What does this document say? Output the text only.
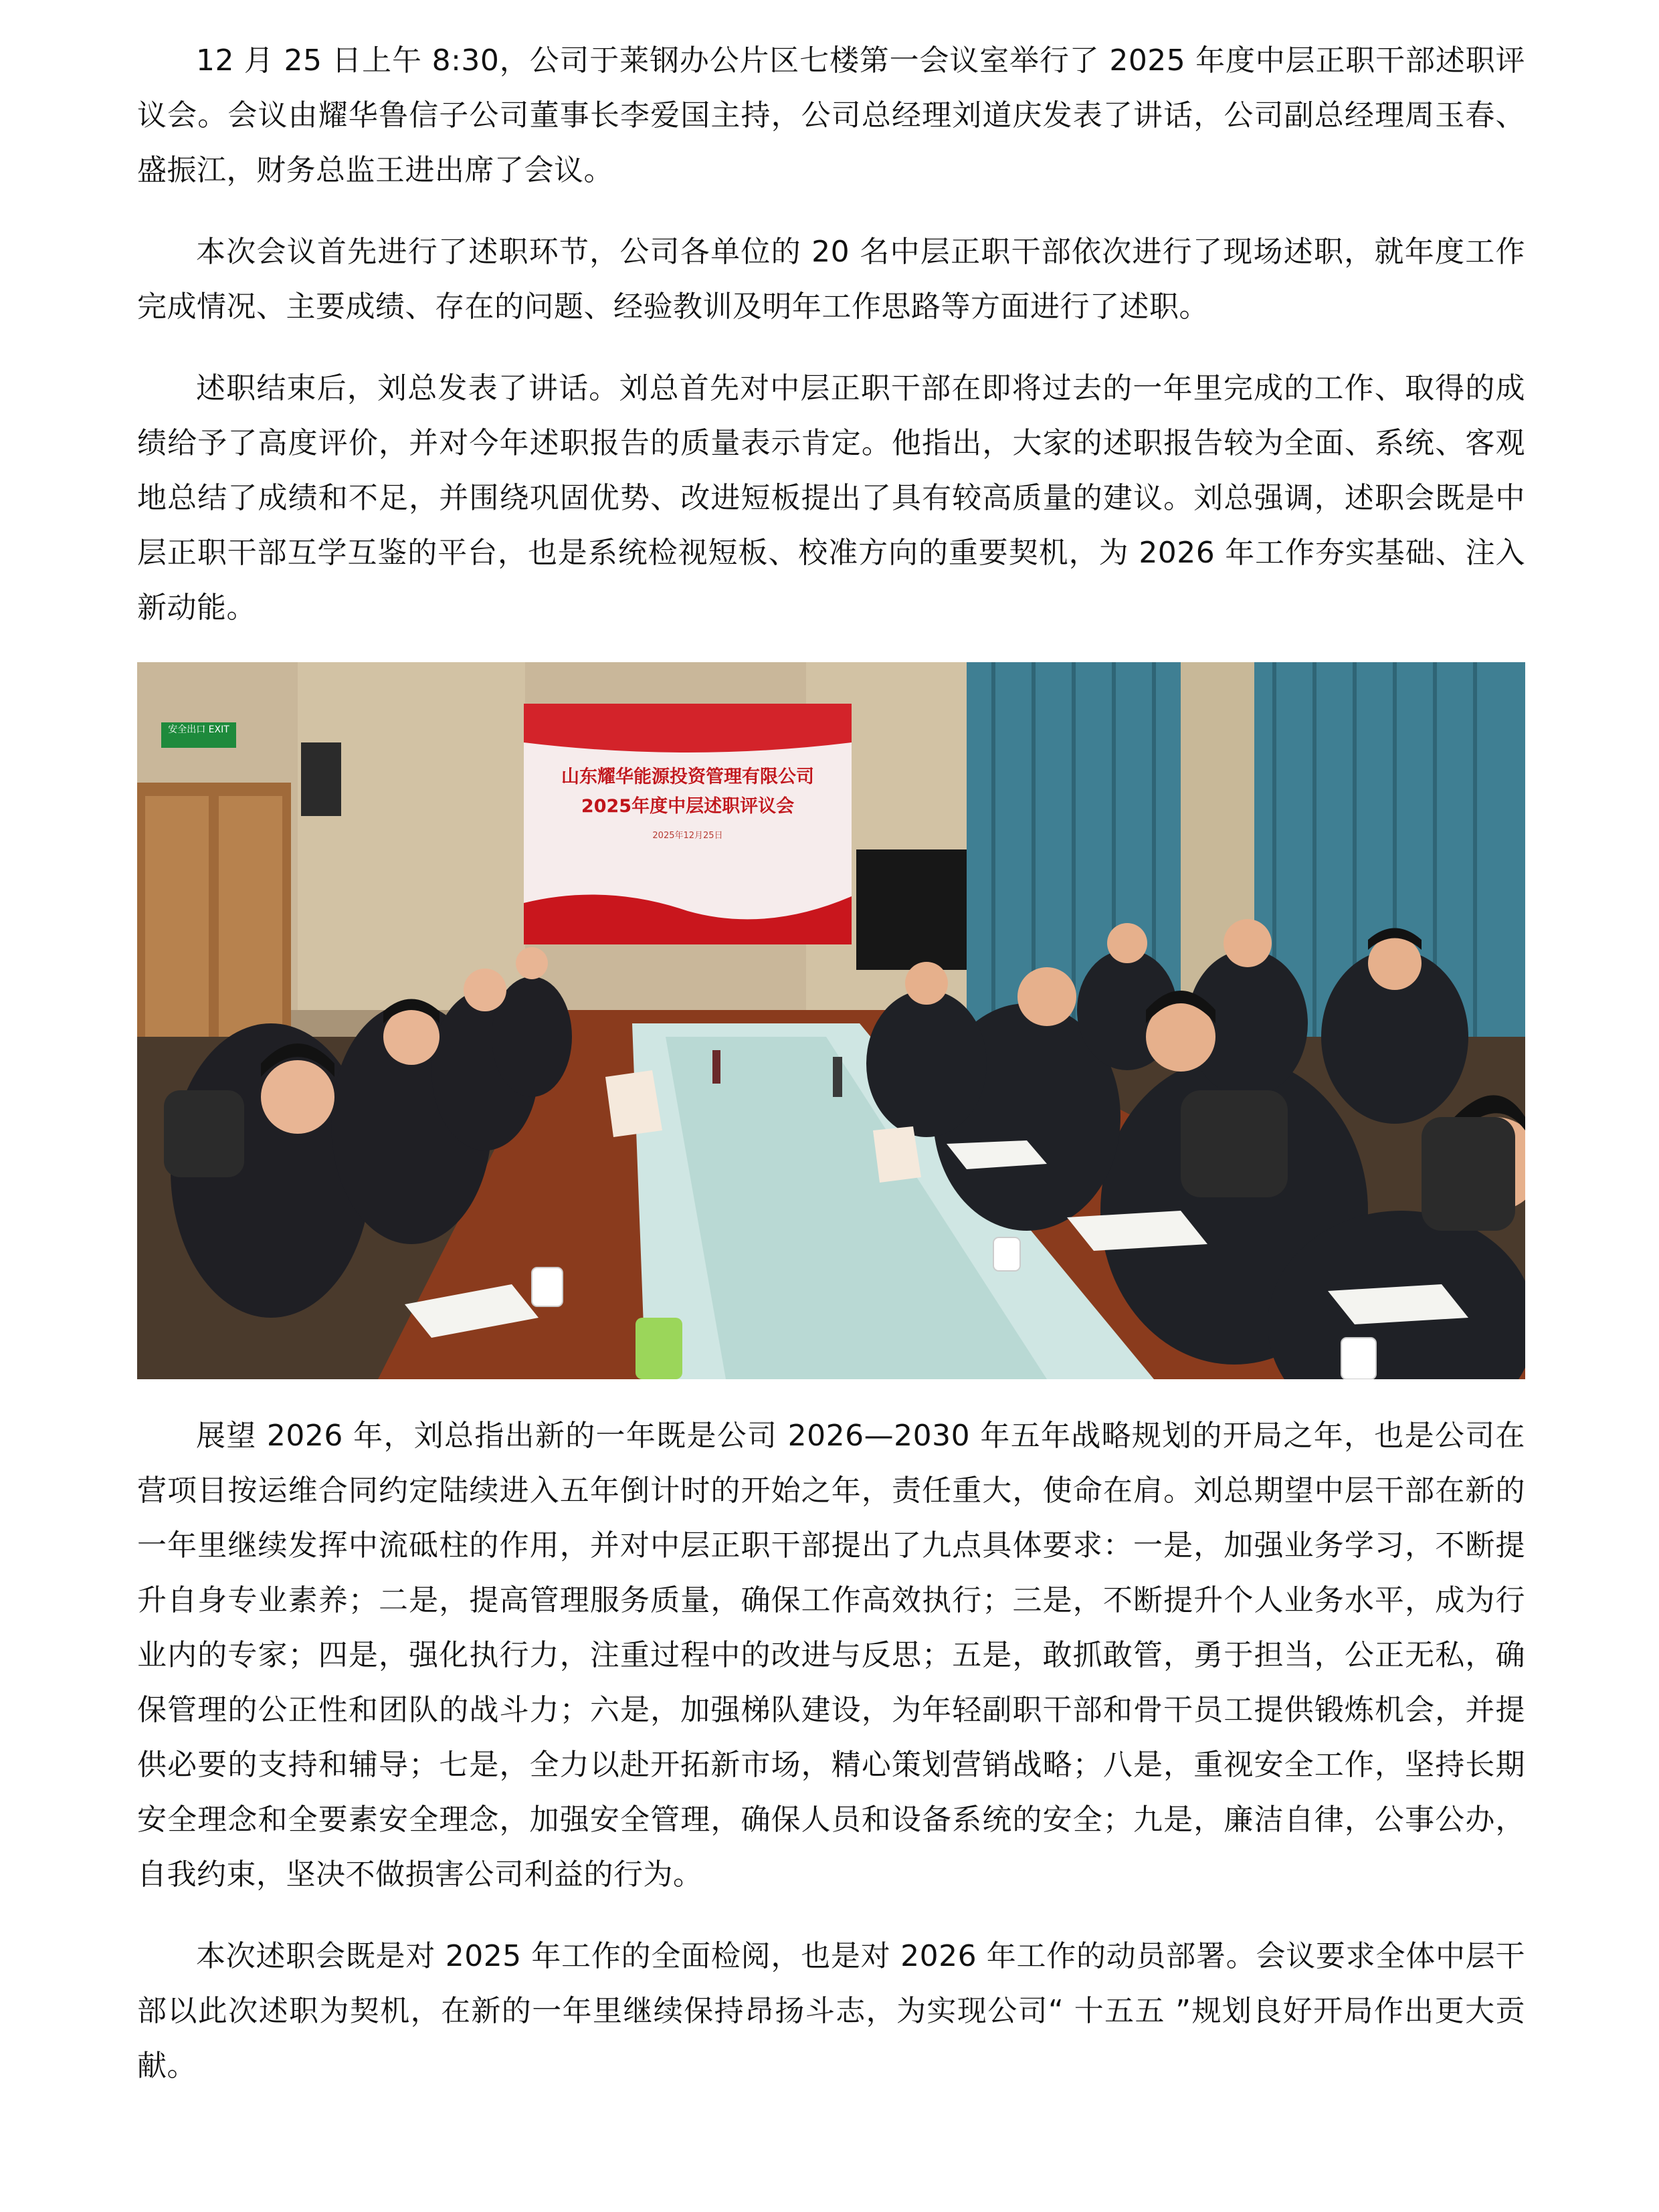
12 月 25 日上午 8:30，公司于莱钢办公片区七楼第一会议室举行了 2025 年度中层正职干部述职评议会。会议由耀华鲁信子公司董事长李爱国主持，公司总经理刘道庆发表了讲话，公司副总经理周玉春、盛振江，财务总监王进出席了会议。

本次会议首先进行了述职环节，公司各单位的 20 名中层正职干部依次进行了现场述职，就年度工作完成情况、主要成绩、存在的问题、经验教训及明年工作思路等方面进行了述职。

述职结束后，刘总发表了讲话。刘总首先对中层正职干部在即将过去的一年里完成的工作、取得的成绩给予了高度评价，并对今年述职报告的质量表示肯定。他指出，大家的述职报告较为全面、系统、客观地总结了成绩和不足，并围绕巩固优势、改进短板提出了具有较高质量的建议。刘总强调，述职会既是中层正职干部互学互鉴的平台，也是系统检视短板、校准方向的重要契机，为 2026 年工作夯实基础、注入新动能。

安全出口 EXIT
山东耀华能源投资管理有限公司
2025年度中层述职评议会
2025年12月25日

展望 2026 年，刘总指出新的一年既是公司 2026—2030 年五年战略规划的开局之年，也是公司在营项目按运维合同约定陆续进入五年倒计时的开始之年，责任重大，使命在肩。刘总期望中层干部在新的一年里继续发挥中流砥柱的作用，并对中层正职干部提出了九点具体要求：一是，加强业务学习，不断提升自身专业素养；二是，提高管理服务质量，确保工作高效执行；三是，不断提升个人业务水平，成为行业内的专家；四是，强化执行力，注重过程中的改进与反思；五是，敢抓敢管，勇于担当，公正无私，确保管理的公正性和团队的战斗力；六是，加强梯队建设，为年轻副职干部和骨干员工提供锻炼机会，并提供必要的支持和辅导；七是，全力以赴开拓新市场，精心策划营销战略；八是，重视安全工作，坚持长期安全理念和全要素安全理念，加强安全管理，确保人员和设备系统的安全；九是，廉洁自律，公事公办，自我约束，坚决不做损害公司利益的行为。

本次述职会既是对 2025 年工作的全面检阅，也是对 2026 年工作的动员部署。会议要求全体中层干部以此次述职为契机，在新的一年里继续保持昂扬斗志，为实现公司“ 十五五 ”规划良好开局作出更大贡献。
